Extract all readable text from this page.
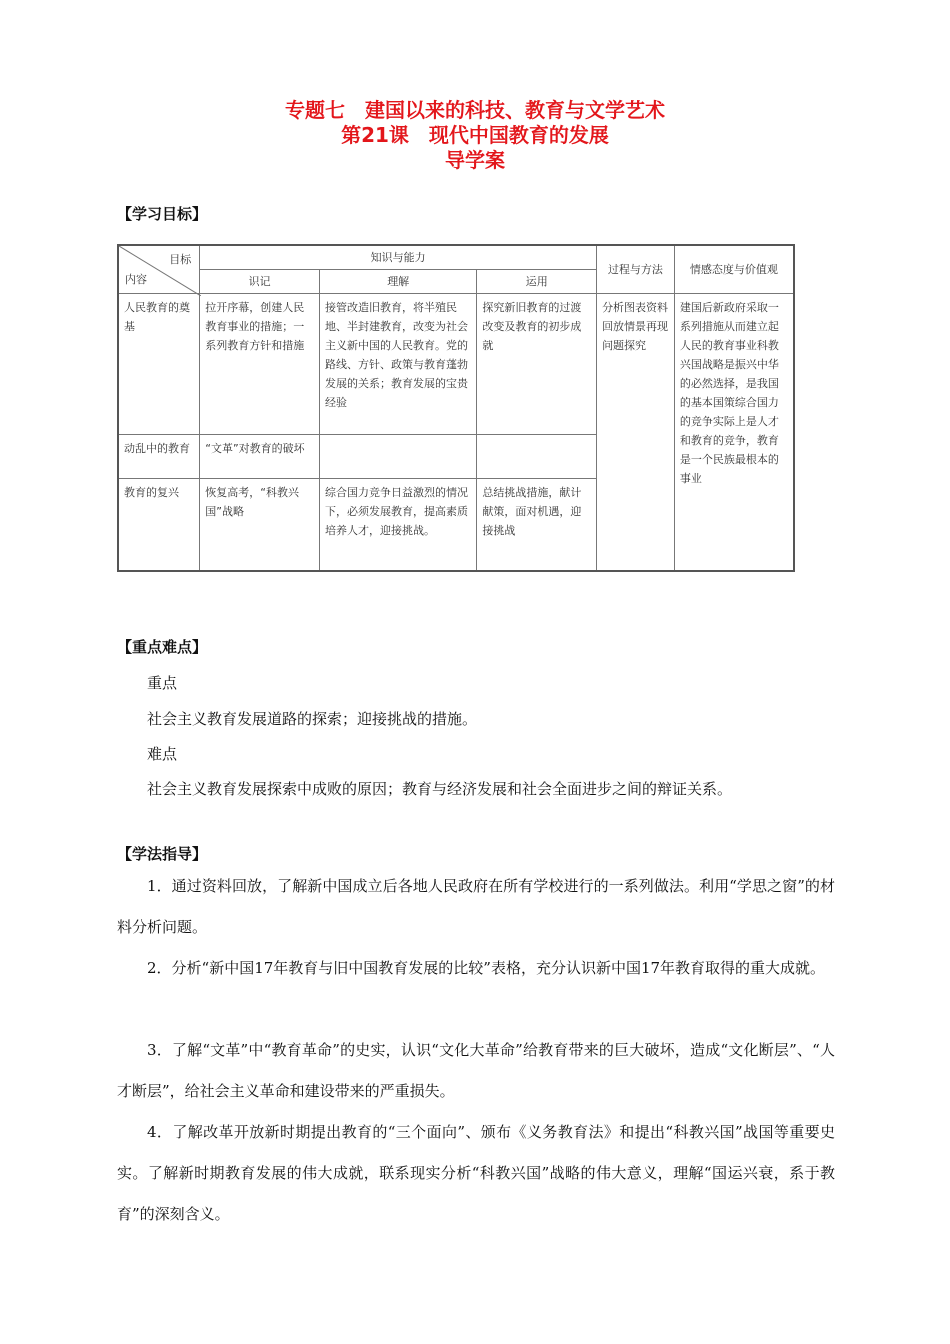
专题七　建国以来的科技、教育与文学艺术
第21课　现代中国教育的发展
导学案
【学习目标】
目标
内容	知识与能力			过程与方法	情感态度与价值观
	识记	理解	运用		
人民教育的奠基	拉开序幕，创建人民教育事业的措施；一系列教育方针和措施	接管改造旧教育，将半殖民地、半封建教育，改变为社会主义新中国的人民教育。党的路线、方针、政策与教育蓬勃发展的关系；教育发展的宝贵经验	探究新旧教育的过渡改变及教育的初步成就	分析图表资料回放情景再现问题探究	建国后新政府采取一系列措施从而建立起人民的教育事业科教兴国战略是振兴中华的必然选择，是我国的基本国策综合国力的竞争实际上是人才和教育的竞争，教育是一个民族最根本的事业
动乱中的教育	“文革”对教育的破坏				
教育的复兴	恢复高考，“科教兴国”战略	综合国力竞争日益激烈的情况下，必须发展教育，提高素质培养人才，迎接挑战。	总结挑战措施，献计献策，面对机遇，迎接挑战		
【重点难点】
重点
社会主义教育发展道路的探索；迎接挑战的措施。
难点
社会主义教育发展探索中成败的原因；教育与经济发展和社会全面进步之间的辩证关系。
【学法指导】
1．通过资料回放，了解新中国成立后各地人民政府在所有学校进行的一系列做法。利用“学思之窗”的材料分析问题。
2．分析“新中国17年教育与旧中国教育发展的比较”表格，充分认识新中国17年教育取得的重大成就。
3．了解“文革”中“教育革命”的史实，认识“文化大革命”给教育带来的巨大破坏，造成“文化断层”、“人才断层”，给社会主义革命和建设带来的严重损失。
4．了解改革开放新时期提出教育的“三个面向”、颁布《义务教育法》和提出“科教兴国”战国等重要史实。了解新时期教育发展的伟大成就，联系现实分析“科教兴国”战略的伟大意义，理解“国运兴衰，系于教育”的深刻含义。
